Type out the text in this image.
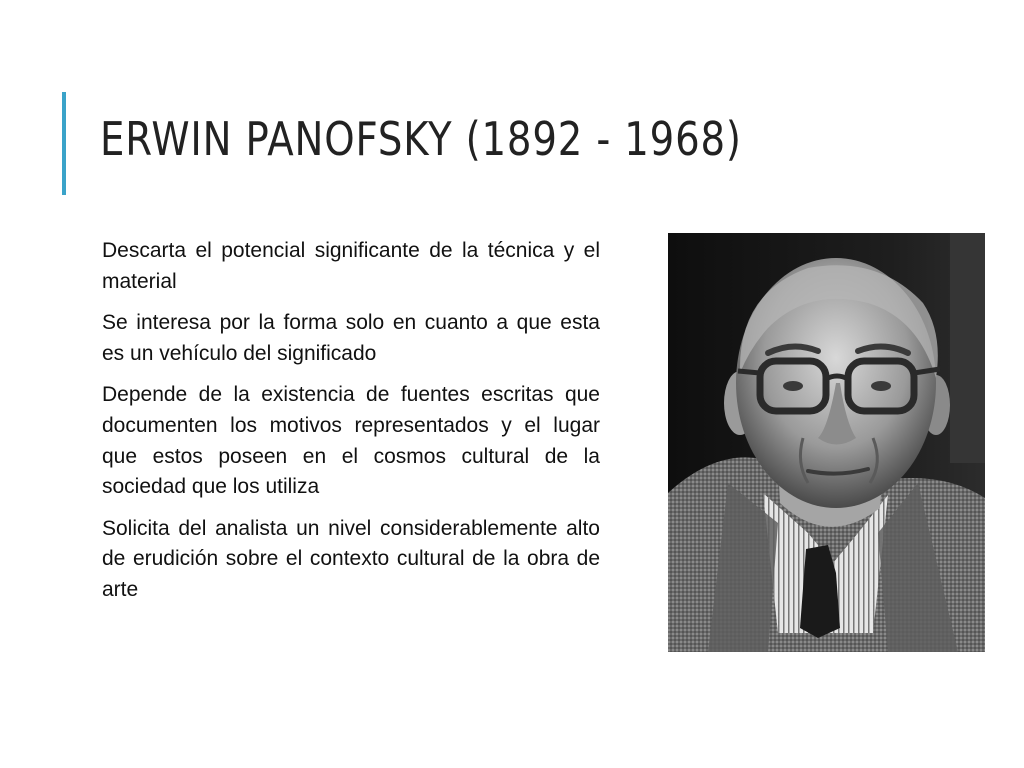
ERWIN PANOFSKY (1892 - 1968)

Descarta el potencial significante de la técnica y el material

Se interesa por la forma solo en cuanto a que esta es un vehículo del significado

Depende de la existencia de fuentes escritas que documenten los motivos representados y el lugar que estos poseen en el cosmos cultural de la sociedad que los utiliza

Solicita del analista un nivel considerablemente alto de erudición sobre el contexto cultural de la obra de arte
